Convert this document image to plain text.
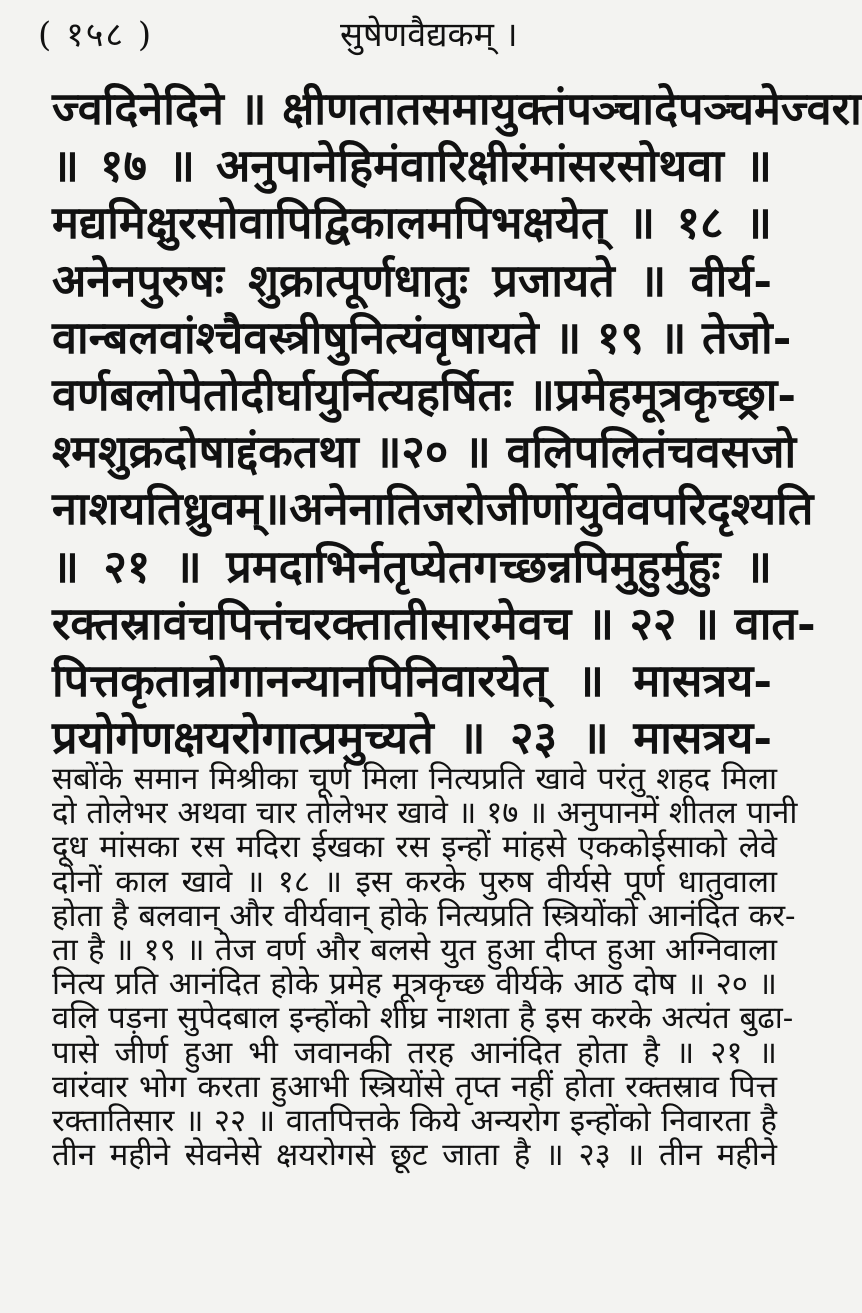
( १५८ )	सुषेणवैद्यकम् ।
ज्वदिनेदिने ॥ क्षीणतातसमायुक्तंपञ्चादेपञ्चमेज्वरा
॥ १७ ॥ अनुपानेहिमंवारिक्षीरंमांसरसोथवा ॥
मद्यमिक्षुरसोवापिद्विकालमपिभक्षयेत् ॥ १८ ॥
अनेनपुरुषः शुक्रात्पूर्णधातुः प्रजायते ॥ वीर्य-
वान्बलवांश्चैवस्त्रीषुनित्यंवृषायते ॥ १९ ॥ तेजो-
वर्णबलोपेतोदीर्घायुर्नित्यहर्षितः ॥प्रमेहमूत्रकृच्छ्रा-
श्मशुक्रदोषाद्दंकतथा ॥२० ॥ वलिपलितंचवसजो
नाशयतिध्रुवम्॥अनेनातिजरोजीर्णोयुवेवपरिदृश्यति
॥ २१ ॥ प्रमदाभिर्नतृप्येतगच्छन्नपिमुहुर्मुहुः ॥
रक्तस्रावंचपित्तंचरक्तातीसारमेवच ॥ २२ ॥ वात-
पित्तकृतान्रोगानन्यानपिनिवारयेत् ॥ मासत्रय-
प्रयोगेणक्षयरोगात्प्रमुच्यते ॥ २३ ॥ मासत्रय-
सबोंके समान मिश्रीका चूर्ण मिला नित्यप्रति खावे परंतु शहद मिला
दो तोलेभर अथवा चार तोलेभर खावे ॥ १७ ॥ अनुपानमें शीतल पानी
दूध मांसका रस मदिरा ईखका रस इन्हों मांहसे एककोईसाको लेवे
दोनों काल खावे ॥ १८ ॥ इस करके पुरुष वीर्यसे पूर्ण धातुवाला
होता है बलवान् और वीर्यवान् होके नित्यप्रति स्त्रियोंको आनंदित कर-
ता है ॥ १९ ॥ तेज वर्ण और बलसे युत हुआ दीप्त हुआ अग्निवाला
नित्य प्रति आनंदित होके प्रमेह मूत्रकृच्छ वीर्यके आठ दोष ॥ २० ॥
वलि पड़ना सुपेदबाल इन्होंको शीघ्र नाशता है इस करके अत्यंत बुढा-
पासे जीर्ण हुआ भी जवानकी तरह आनंदित होता है ॥ २१ ॥
वारंवार भोग करता हुआभी स्त्रियोंसे तृप्त नहीं होता रक्तस्राव पित्त
रक्तातिसार ॥ २२ ॥ वातपित्तके किये अन्यरोग इन्होंको निवारता है
तीन महीने सेवनेसे क्षयरोगसे छूट जाता है ॥ २३ ॥ तीन महीने
